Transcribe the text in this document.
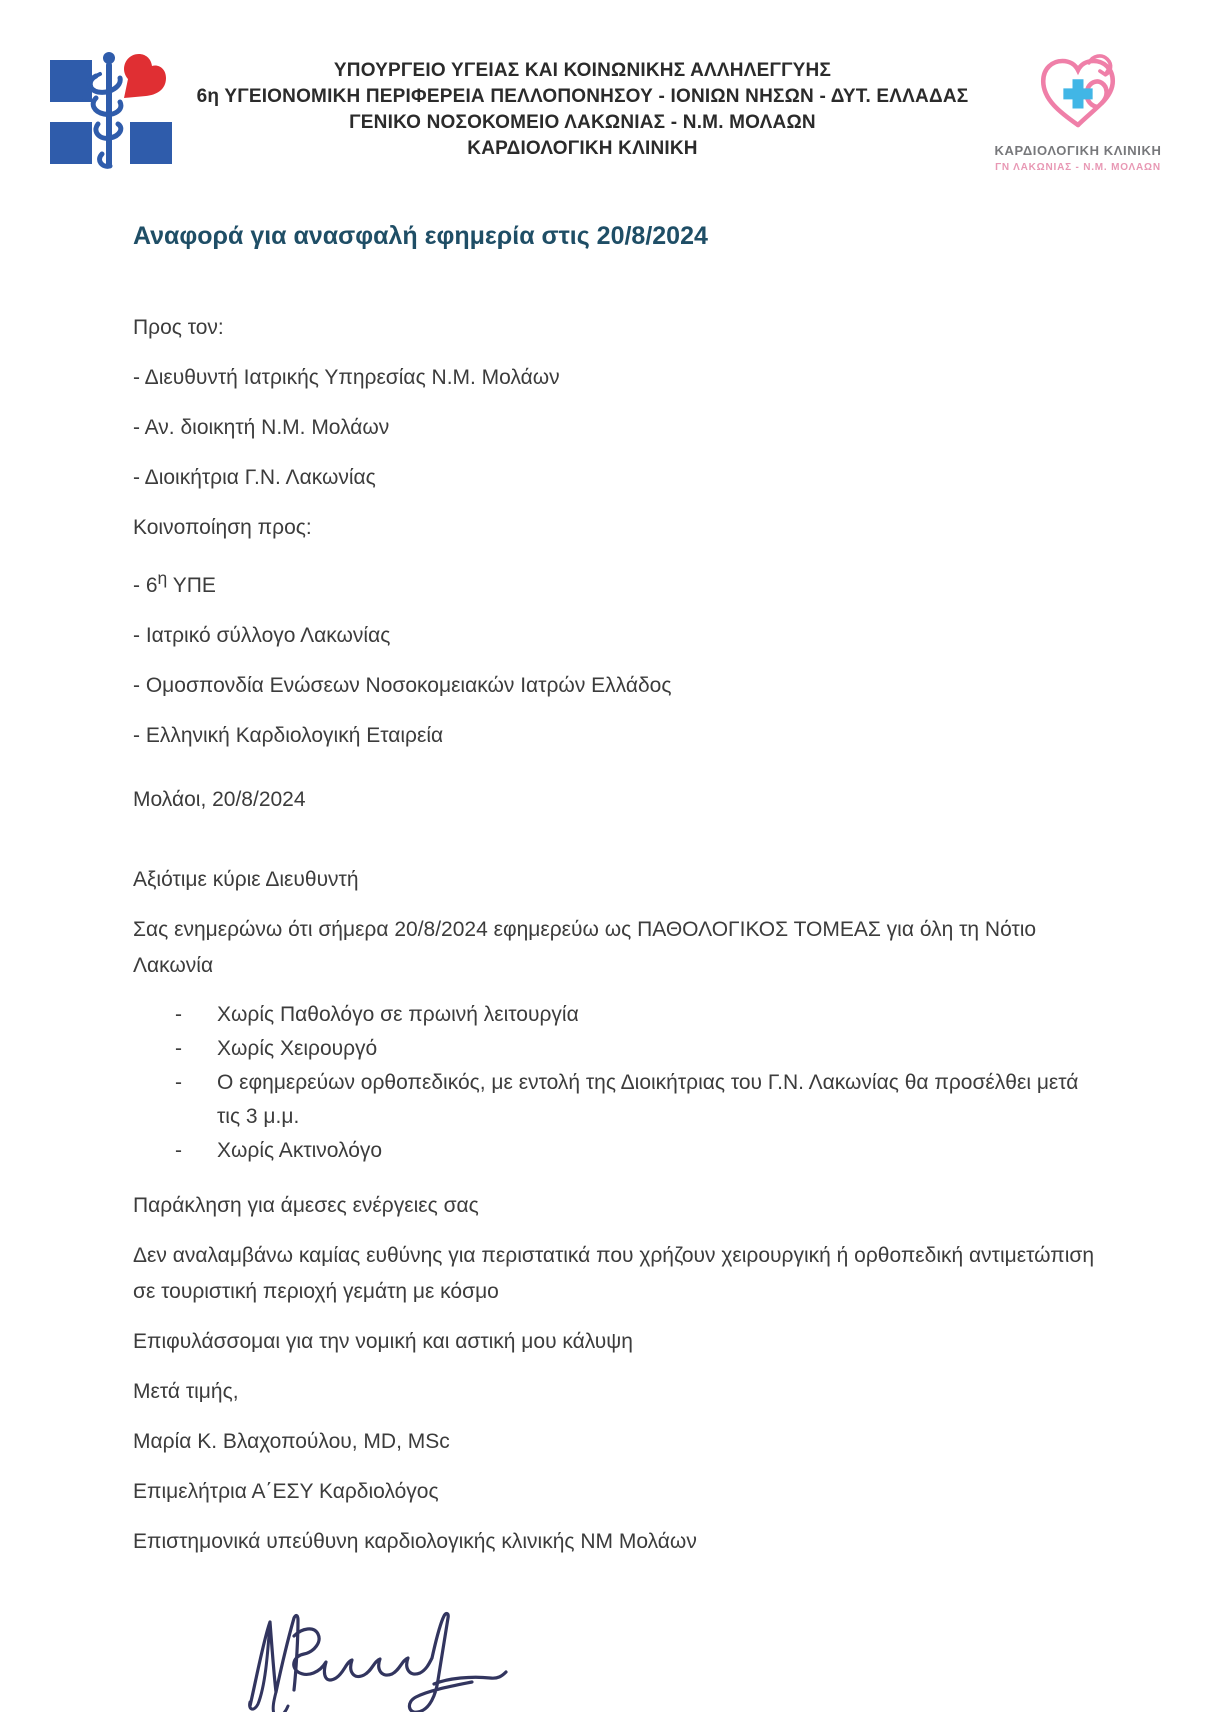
ΥΠΟΥΡΓΕΙΟ ΥΓΕΙΑΣ ΚΑΙ ΚΟΙΝΩΝΙΚΗΣ ΑΛΛΗΛΕΓΓΥΗΣ
6η ΥΓΕΙΟΝΟΜΙΚΗ ΠΕΡΙΦΕΡΕΙΑ ΠΕΛΛΟΠΟΝΗΣΟΥ - ΙΟΝΙΩΝ ΝΗΣΩΝ - ΔΥΤ. ΕΛΛΑΔΑΣ
ΓΕΝΙΚΟ ΝΟΣΟΚΟΜΕΙΟ ΛΑΚΩΝΙΑΣ - Ν.Μ. ΜΟΛΑΩΝ
ΚΑΡΔΙΟΛΟΓΙΚΗ ΚΛΙΝΙΚΗ	ΚΑΡΔΙΟΛΟΓΙΚΗ ΚΛΙΝΙΚΗ
ΓΝ ΛΑΚΩΝΙΑΣ - Ν.Μ. ΜΟΛΑΩΝ
Αναφορά για ανασφαλή εφημερία στις 20/8/2024

Προς τον:

- Διευθυντή Ιατρικής Υπηρεσίας Ν.Μ. Μολάων

- Αν. διοικητή Ν.Μ. Μολάων

- Διοικήτρια Γ.Ν. Λακωνίας

Κοινοποίηση προς:

- $6^\eta$ ΥΠΕ

- Ιατρικό σύλλογο Λακωνίας

- Ομοσπονδία Ενώσεων Νοσοκομειακών Ιατρών Ελλάδος

- Ελληνική Καρδιολογική Εταιρεία

Μολάοι, 20/8/2024

Αξιότιμε κύριε Διευθυντή

Σας ενημερώνω ότι σήμερα 20/8/2024 εφημερεύω ως ΠΑΘΟΛΟΓΙΚΟΣ ΤΟΜΕΑΣ για όλη τη Νότιο Λακωνία

-	Χωρίς Παθολόγο σε πρωινή λειτουργία
-	Χωρίς Χειρουργό
-	Ο εφημερεύων ορθοπεδικός, με εντολή της Διοικήτριας του Γ.Ν. Λακωνίας θα προσέλθει μετά τις 3 μ.μ.
-	Χωρίς Ακτινολόγο

Παράκληση για άμεσες ενέργειες σας

Δεν αναλαμβάνω καμίας ευθύνης για περιστατικά που χρήζουν χειρουργική ή ορθοπεδική αντιμετώπιση σε τουριστική περιοχή γεμάτη με κόσμο

Επιφυλάσσομαι για την νομική και αστική μου κάλυψη

Μετά τιμής,

Μαρία Κ. Βλαχοπούλου, MD, MSc

Επιμελήτρια Α΄ΕΣΥ Καρδιολόγος

Επιστημονικά υπεύθυνη καρδιολογικής κλινικής ΝΜ Μολάων
